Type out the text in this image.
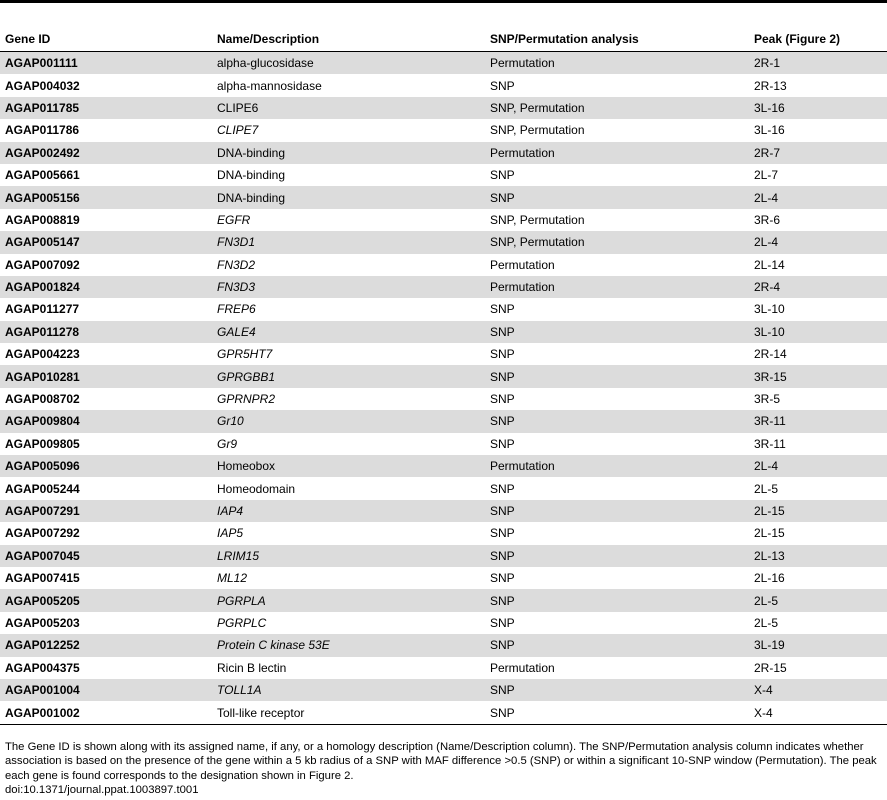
Gene ID	Name/Description	SNP/Permutation analysis	Peak (Figure 2)
AGAP001111	alpha-glucosidase	Permutation	2R-1
AGAP004032	alpha-mannosidase	SNP	2R-13
AGAP011785	CLIPE6	SNP, Permutation	3L-16
AGAP011786	CLIPE7	SNP, Permutation	3L-16
AGAP002492	DNA-binding	Permutation	2R-7
AGAP005661	DNA-binding	SNP	2L-7
AGAP005156	DNA-binding	SNP	2L-4
AGAP008819	EGFR	SNP, Permutation	3R-6
AGAP005147	FN3D1	SNP, Permutation	2L-4
AGAP007092	FN3D2	Permutation	2L-14
AGAP001824	FN3D3	Permutation	2R-4
AGAP011277	FREP6	SNP	3L-10
AGAP011278	GALE4	SNP	3L-10
AGAP004223	GPR5HT7	SNP	2R-14
AGAP010281	GPRGBB1	SNP	3R-15
AGAP008702	GPRNPR2	SNP	3R-5
AGAP009804	Gr10	SNP	3R-11
AGAP009805	Gr9	SNP	3R-11
AGAP005096	Homeobox	Permutation	2L-4
AGAP005244	Homeodomain	SNP	2L-5
AGAP007291	IAP4	SNP	2L-15
AGAP007292	IAP5	SNP	2L-15
AGAP007045	LRIM15	SNP	2L-13
AGAP007415	ML12	SNP	2L-16
AGAP005205	PGRPLA	SNP	2L-5
AGAP005203	PGRPLC	SNP	2L-5
AGAP012252	Protein C kinase 53E	SNP	3L-19
AGAP004375	Ricin B lectin	Permutation	2R-15
AGAP001004	TOLL1A	SNP	X-4
AGAP001002	Toll-like receptor	SNP	X-4

The Gene ID is shown along with its assigned name, if any, or a homology description (Name/Description column). The SNP/Permutation analysis column indicates whether association is based on the presence of the gene within a 5 kb radius of a SNP with MAF difference >0.5 (SNP) or within a significant 10-SNP window (Permutation). The peak each gene is found corresponds to the designation shown in Figure 2.

doi:10.1371/journal.ppat.1003897.t001
